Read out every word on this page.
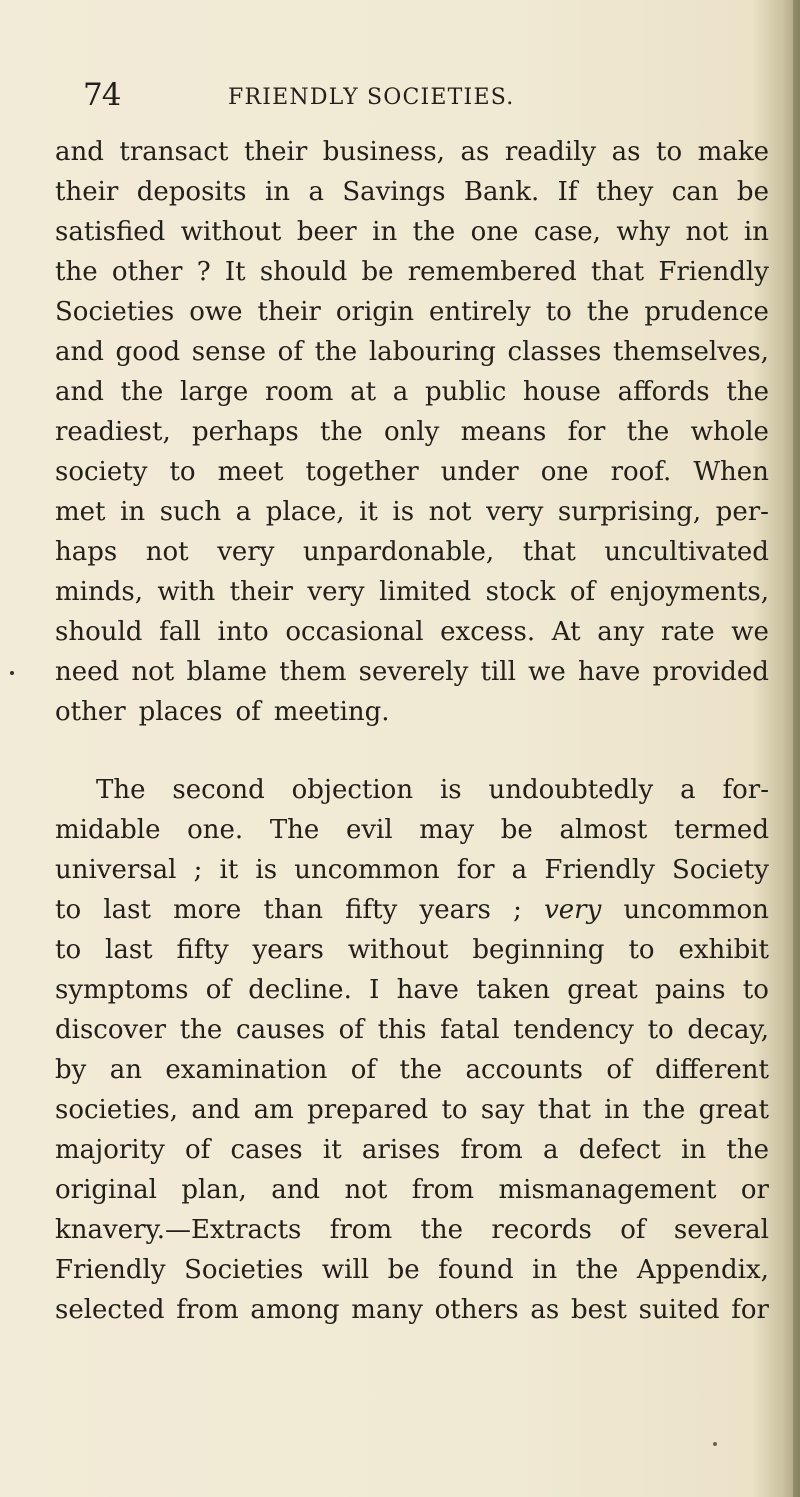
74	FRIENDLY SOCIETIES.
and transact their business, as readily as to make
their deposits in a Savings Bank. If they can be
satisfied without beer in the one case, why not in
the other ? It should be remembered that Friendly
Societies owe their origin entirely to the prudence
and good sense of the labouring classes themselves,
and the large room at a public house affords the
readiest, perhaps the only means for the whole
society to meet together under one roof. When
met in such a place, it is not very surprising, per-
haps not very unpardonable, that uncultivated
minds, with their very limited stock of enjoyments,
should fall into occasional excess. At any rate we
need not blame them severely till we have provided
other places of meeting.
The second objection is undoubtedly a for-
midable one. The evil may be almost termed
universal ; it is uncommon for a Friendly Society
to last more than fifty years ; very uncommon
to last fifty years without beginning to exhibit
symptoms of decline. I have taken great pains to
discover the causes of this fatal tendency to decay,
by an examination of the accounts of different
societies, and am prepared to say that in the great
majority of cases it arises from a defect in the
original plan, and not from mismanagement or
knavery.—Extracts from the records of several
Friendly Societies will be found in the Appendix,
selected from among many others as best suited for
